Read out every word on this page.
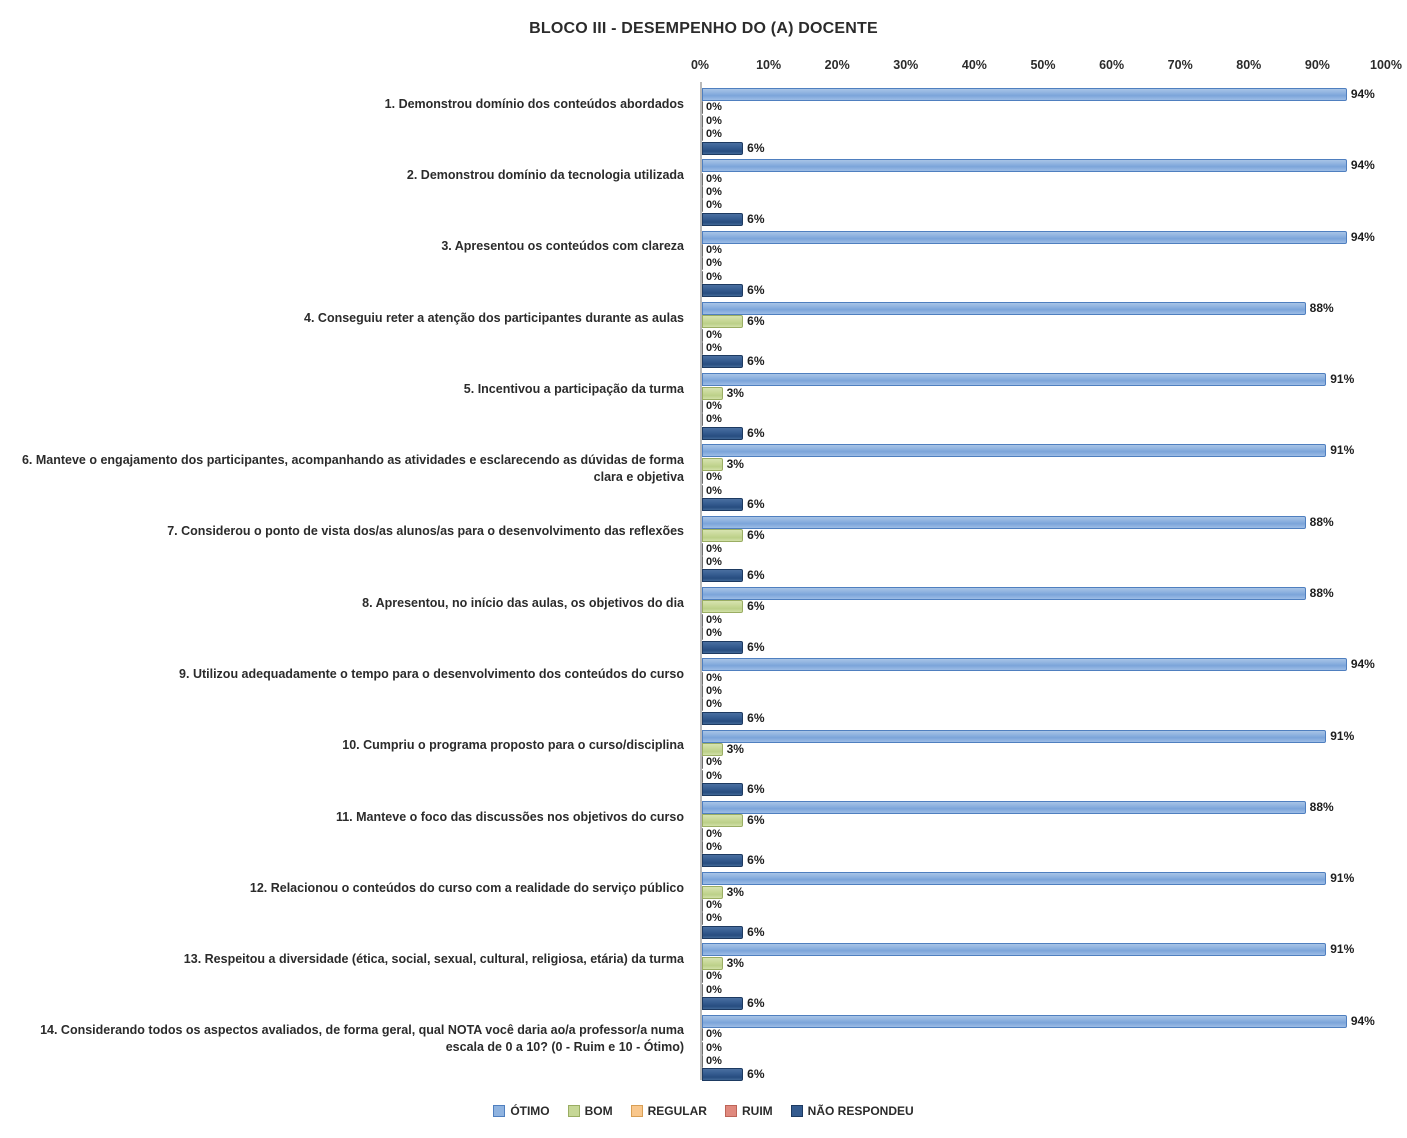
BLOCO III - DESEMPENHO DO (A) DOCENTE
0%	10%	20%	30%	40%	50%	60%	70%	80%	90%	100%
1. Demonstrou domínio dos conteúdos abordados
2. Demonstrou domínio da tecnologia utilizada
3. Apresentou os conteúdos com clareza
4. Conseguiu reter a atenção dos participantes durante as aulas
5. Incentivou a participação da turma
6. Manteve o engajamento dos participantes, acompanhando as atividades e esclarecendo as dúvidas de forma clara e objetiva
7. Considerou o ponto de vista dos/as alunos/as para o desenvolvimento das reflexões
8. Apresentou, no início das aulas, os objetivos do dia
9. Utilizou adequadamente o tempo para o desenvolvimento dos conteúdos do curso
10. Cumpriu o programa proposto para o curso/disciplina
11. Manteve o foco das discussões nos objetivos do curso
12. Relacionou o conteúdos do curso com a realidade do serviço público
13. Respeitou a diversidade (ética, social, sexual, cultural, religiosa, etária) da turma
14. Considerando todos os aspectos avaliados, de forma geral, qual NOTA você daria ao/a professor/a numa escala de 0 a 10? (0 - Ruim e 10 - Ótimo)
94%
0%
0%
0%
6%
94%
0%
0%
0%
6%
94%
0%
0%
0%
6%
88%
6%
0%
0%
6%
91%
3%
0%
0%
6%
91%
3%
0%
0%
6%
88%
6%
0%
0%
6%
88%
6%
0%
0%
6%
94%
0%
0%
0%
6%
91%
3%
0%
0%
6%
88%
6%
0%
0%
6%
91%
3%
0%
0%
6%
91%
3%
0%
0%
6%
94%
0%
0%
0%
6%
ÓTIMO	BOM	REGULAR	RUIM	NÃO RESPONDEU
